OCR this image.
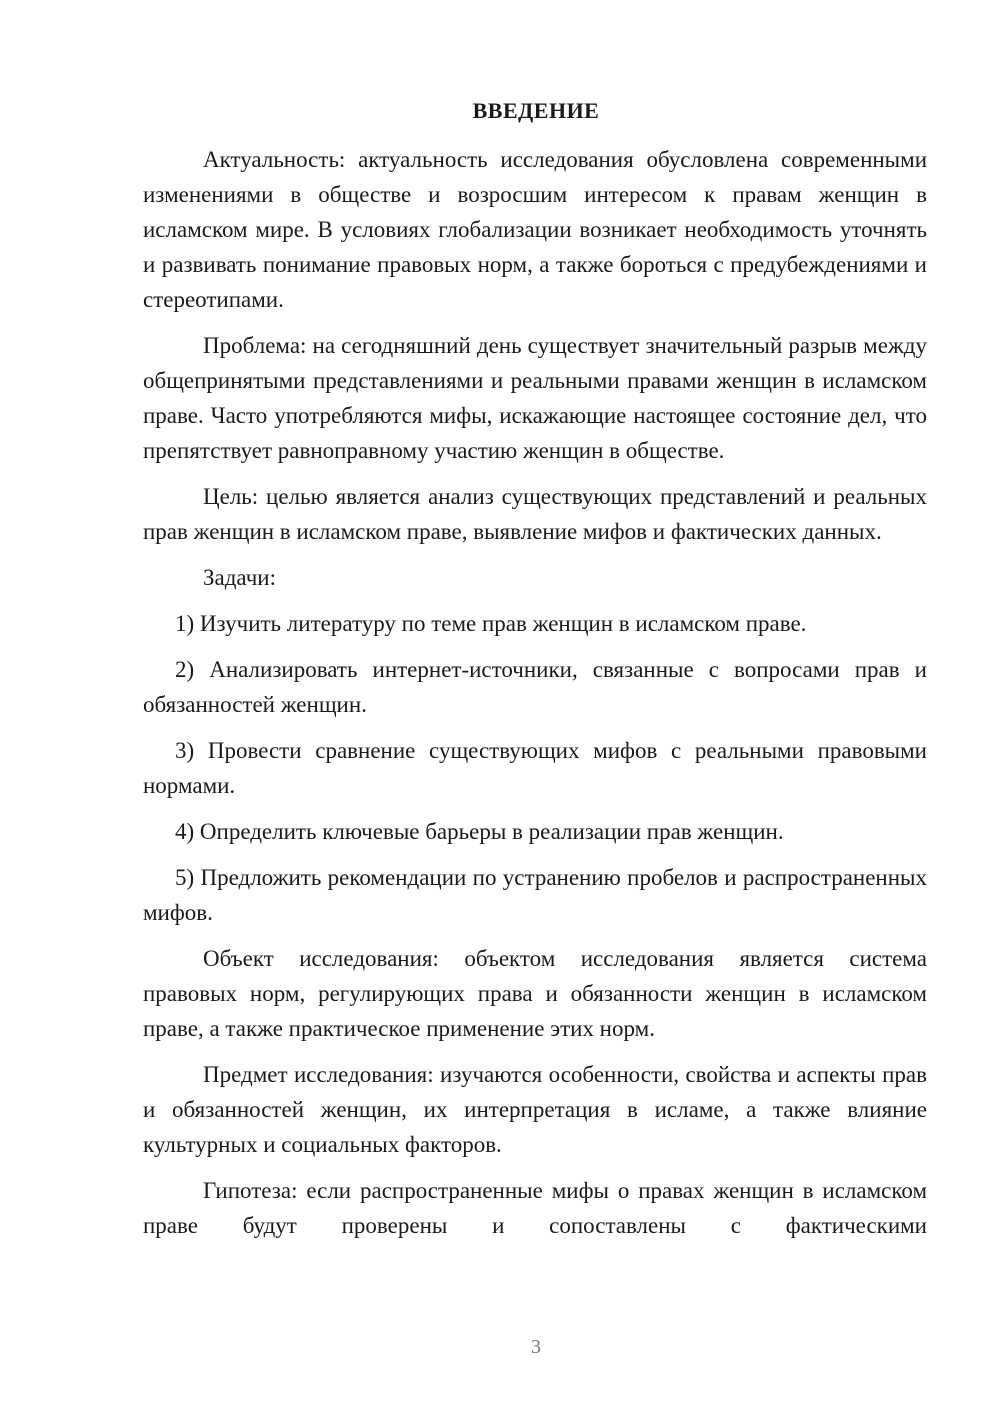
ВВЕДЕНИЕ

Актуальность: актуальность исследования обусловлена современными изменениями в обществе и возросшим интересом к правам женщин в исламском мире. В условиях глобализации возникает необходимость уточнять и развивать понимание правовых норм, а также бороться с предубеждениями и стереотипами.

Проблема: на сегодняшний день существует значительный разрыв между общепринятыми представлениями и реальными правами женщин в исламском праве. Часто употребляются мифы, искажающие настоящее состояние дел, что препятствует равноправному участию женщин в обществе.

Цель: целью является анализ существующих представлений и реальных прав женщин в исламском праве, выявление мифов и фактических данных.

Задачи:

1) Изучить литературу по теме прав женщин в исламском праве.

2) Анализировать интернет-источники, связанные с вопросами прав и обязанностей женщин.

3) Провести сравнение существующих мифов с реальными правовыми нормами.

4) Определить ключевые барьеры в реализации прав женщин.

5) Предложить рекомендации по устранению пробелов и распространенных мифов.

Объект исследования: объектом исследования является система правовых норм, регулирующих права и обязанности женщин в исламском праве, а также практическое применение этих норм.

Предмет исследования: изучаются особенности, свойства и аспекты прав и обязанностей женщин, их интерпретация в исламе, а также влияние культурных и социальных факторов.

Гипотеза: если распространенные мифы о правах женщин в исламском праве будут проверены и сопоставлены с фактическими

3
